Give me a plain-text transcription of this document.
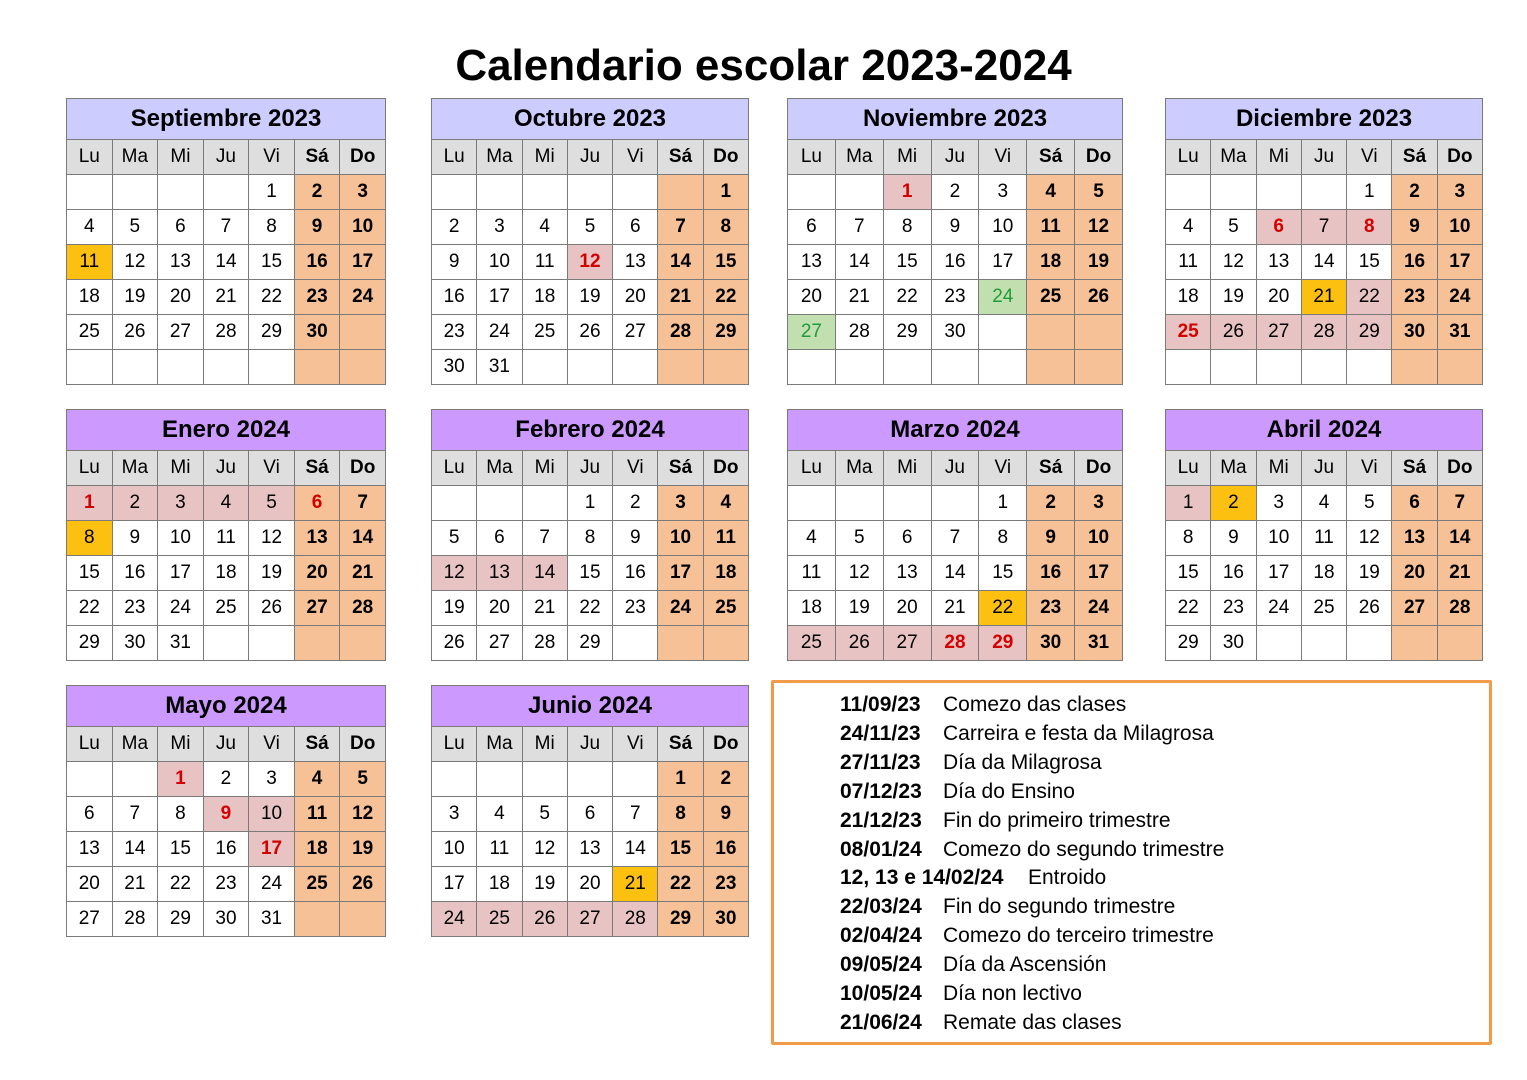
Calendario escolar 2023-2024
Septiembre 2023						
Lu	Ma	Mi	Ju	Vi	Sá	Do
				1	2	3
4	5	6	7	8	9	10
11	12	13	14	15	16	17
18	19	20	21	22	23	24
25	26	27	28	29	30	

Octubre 2023						
Lu	Ma	Mi	Ju	Vi	Sá	Do
						1
2	3	4	5	6	7	8
9	10	11	12	13	14	15
16	17	18	19	20	21	22
23	24	25	26	27	28	29
30	31					
Noviembre 2023						
Lu	Ma	Mi	Ju	Vi	Sá	Do
		1	2	3	4	5
6	7	8	9	10	11	12
13	14	15	16	17	18	19
20	21	22	23	24	25	26
27	28	29	30			

Diciembre 2023						
Lu	Ma	Mi	Ju	Vi	Sá	Do
				1	2	3
4	5	6	7	8	9	10
11	12	13	14	15	16	17
18	19	20	21	22	23	24
25	26	27	28	29	30	31

Enero 2024						
Lu	Ma	Mi	Ju	Vi	Sá	Do
1	2	3	4	5	6	7
8	9	10	11	12	13	14
15	16	17	18	19	20	21
22	23	24	25	26	27	28
29	30	31				
Febrero 2024						
Lu	Ma	Mi	Ju	Vi	Sá	Do
			1	2	3	4
5	6	7	8	9	10	11
12	13	14	15	16	17	18
19	20	21	22	23	24	25
26	27	28	29			
Marzo 2024						
Lu	Ma	Mi	Ju	Vi	Sá	Do
				1	2	3
4	5	6	7	8	9	10
11	12	13	14	15	16	17
18	19	20	21	22	23	24
25	26	27	28	29	30	31
Abril 2024						
Lu	Ma	Mi	Ju	Vi	Sá	Do
1	2	3	4	5	6	7
8	9	10	11	12	13	14
15	16	17	18	19	20	21
22	23	24	25	26	27	28
29	30					
Mayo 2024						
Lu	Ma	Mi	Ju	Vi	Sá	Do
		1	2	3	4	5
6	7	8	9	10	11	12
13	14	15	16	17	18	19
20	21	22	23	24	25	26
27	28	29	30	31		
Junio 2024						
Lu	Ma	Mi	Ju	Vi	Sá	Do
					1	2
3	4	5	6	7	8	9
10	11	12	13	14	15	16
17	18	19	20	21	22	23
24	25	26	27	28	29	30
11/09/23 Comezo das clases
24/11/23 Carreira e festa da Milagrosa
27/11/23 Día da Milagrosa
07/12/23 Día do Ensino
21/12/23 Fin do primeiro trimestre
08/01/24 Comezo do segundo trimestre
12, 13 e 14/02/24 Entroido
22/03/24 Fin do segundo trimestre
02/04/24 Comezo do terceiro trimestre
09/05/24 Día da Ascensión
10/05/24 Día non lectivo
21/06/24 Remate das clases
